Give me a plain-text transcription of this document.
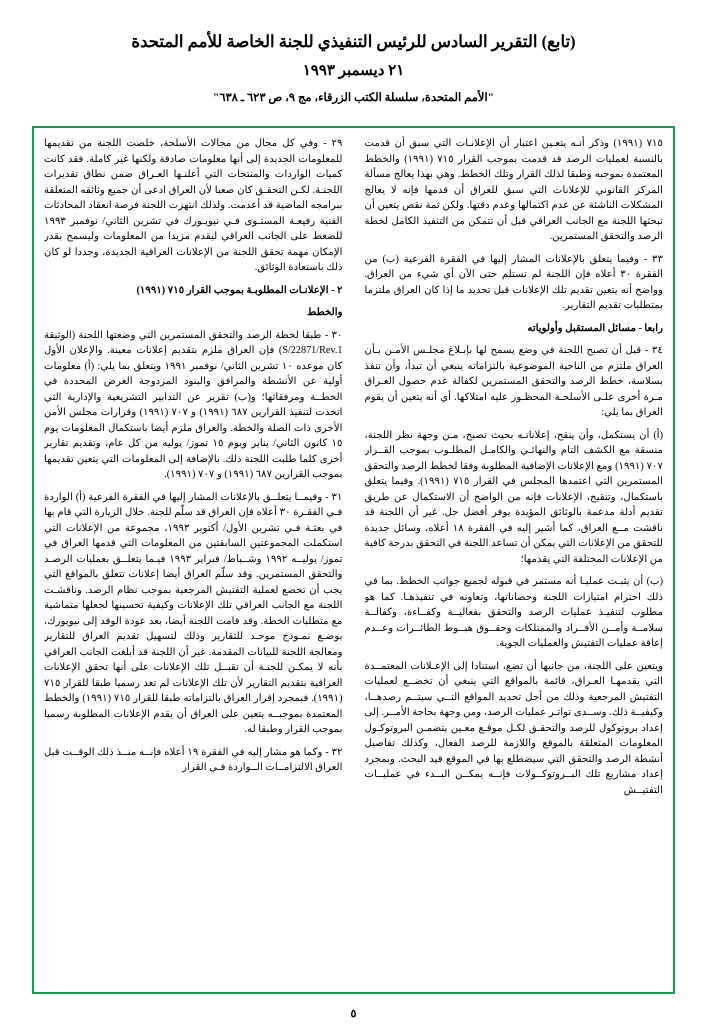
(تابع) التقرير السادس للرئيس التنفيذي للجنة الخاصة للأمم المتحدة
٢١ ديسمبر ١٩٩٣
"الأمم المتحدة، سلسلة الكتب الزرقاء، مج ٩، ص ٦٢٣ ـ ٦٣٨"

٧١٥ (١٩٩١) وذكر أنـه يتعـين اعتبار أن الإعلانـات التي سبق أن قدمت بالنسبة لعمليات الرصد قد قدمت بموجب القرار ٧١٥ (١٩٩١) والخطط المعتمدة بموجبه وطبقا لذلك القرار وتلك الخطط. وهي بهذا يعالج مسألة المركز القانوني للإعلانات التي سبق للعراق أن قدمها فإنه لا يعالج المشكلات الناشئة عن عدم اكتمالها وعدم دقتها. ولكن ثمة نقص يتعين أن تبحثها اللجنة مع الجانب العراقي قبل أن تتمكن من التنفيذ الكامل لخطة الرصد والتحقق المستمرين.

٣٣ - وفيما يتعلق بالإعلانات المشار إليها في الفقرة الفرعية (ب) من الفقرة ٣٠ أعلاه فإن اللجنة لم تستلم حتى الآن أي شيء من العراق. وواضح أنه يتعين تقديم تلك الإعلانات قبل تحديد ما إذا كان العراق ملتزما بمتطلبات تقديم التقارير.

رابعا - مسائل المستقبل وأولوياته

٣٤ - قبل أن تصبح اللجنة في وضع يسمح لها بإبـلاغ مجلـس الأمـن بـأن العراق ملتزم من الناحية الموضوعية بالتزاماته ينبغي أن تبدأ، وأن تنفذ بسلاسة، خطط الرصد والتحقق المستمرين لكفالة عدم حصول العـراق مـرة أخرى علـى الأسلحـة المحظـور عليه امتلاكها. أي أنه يتعين أن يقوم العراق بما يلي:

(أ) أن يستكمل، وأن ينقح، إعلاناتـه بحيث تصبح، مـن وجهة نظر اللجنة، منسقة مع الكشف التام والنهائـي والكامـل المطلـوب بموجب القــرار ٧٠٧ (١٩٩١) ومع الإعلانات الإضافية المطلوبة وفقا لخطط الرصد والتحقق المستمرين التي اعتمدها المجلس في القرار ٧١٥ (١٩٩١). وفيما يتعلق باستكمال، وتنقيح، الإعلانات فإنه من الواضح أن الاستكمال عن طريق تقديم أدلة مدعمة بالوثائق المؤيدة يوفر أفضل حل. غير أن اللجنة قد ناقشت مــع العراق، كما أشير إليه في الفقرة ١٨ أعلاه، وسائل جديدة للتحقق من الإعلانات التي يمكن أن تساعد اللجنة في التحقق بدرجة كافية من الإعلانات المختلفة التي يقدمها؛

(ب) أن يثبـت عمليـا أنه مستمر في قبوله لجميع جوانب الخطط. بما في ذلك احترام امتيازات اللجنة وحصاناتها، وتعاونه في تنفيذهـا. كما هو مطلوب لتنفيـذ عمليات الرصد والتحقق بفعاليــة وكفــاءة، وكفالــة سلامــة وأمــن الأفــراد والممتلكات وحقــوق هبــوط الطائــرات وعــدم إعاقة عمليات التفتيش والعمليات الجوية.

ويتعين على اللجنة، من جانبها أن تضع، استنادا إلى الإعـلانات المعتمــدة التي يقدمهـا العـراق، قائمة بالمواقع التي ينبغي أن تخضــع لعمليات التفتيش المرجعية وذلك من أجل تحديد المواقع التــي سيتــم رصدهــا، وكيفيــة ذلك. وســدى تواتـر عمليات الرصد، ومن وجهة بحاجة الأمــر. إلى إعداد بروتوكول للرصد والتحقـق لكـل موقـع معـين يتضمـن البروتوكـول المعلومات المتعلقة بالموقع واللازمة للرصد الفعال، وكذلك تفاصيل أنشطة الرصد والتحقق التي سيضطلع بها في الموقع قيد البحث. وبمجرد إعداد مشاريع تلك البــروتوكــولات فإنــه يمكــن البــدء في عمليــات التفتيــش

٢٩ - وفي كل مجال من مجالات الأسلحة، خلصت اللجنة من تقديمها للمعلومات الجديدة إلى أنها معلومات صادقة ولكنها غير كاملة. فقد كانت كميات الواردات والمنتجات التي أعلنـها العـراق ضمن نطاق تقديرات اللجنـة. لكـن التحقـق كان صعبا لأن العراق ادعى أن جميع وثائقه المتعلقة ببرامجه الماضية قد أعدمت. ولذلك انتهزت اللجنة فرصة انعقاد المحادثات الفنية رفيعـة المستـوى فـي نيويـورك في تشرين الثاني/ نوفمبر ١٩٩٣ للضغط على الجانب العراقي ليقدم مزيدا من المعلومات وليسمح بقدر الإمكان مهمة تحقق اللجنة من الإعلانات العراقية الجديدة، وجددا لو كان ذلك باستعادة الوثائق.

٢ - الإعلانـات المطلوبـة بموجب القرار ٧١٥ (١٩٩١)

والخطط

٣٠ - طبقا لخطة الرصد والتحقق المستمرين التي وضعتها اللجنة (الوثيقة S/22871/Rev.1) فإن العراق ملزم بتقديم إعلانات معينة. والإعلان الأول كان موعده ١٠ تشرين الثاني/ نوفمبر ١٩٩١ ويتعلق بما يلي: (أ) معلومات أولية عن الأنشطة والمرافق والبنود المزدوجة الغرض المحددة في الخطــة ومرفقاتها؛ و(ب) تقرير عن التدابير التشريعية والإدارية التي اتخذت لتنفيذ القرارين ٦٨٧ (١٩٩١) و ٧٠٧ (١٩٩١) وقرارات مجلس الأمن الأخرى ذات الصلة والخطة. والعراق ملزم أيضا باستكمال المعلومات يوم ١٥ كانون الثاني/ يناير ويوم ١٥ تموز/ يوليه من كل عام، وتقديم تقارير أخرى كلما طلبت اللجنة ذلك. بالإضافة إلى المعلومات التي يتعين تقديمها بموجب القرارين ٦٨٧ (١٩٩١) و ٧٠٧ (١٩٩١).

٣١ - وفيمــا يتعلــق بالإعلانات المشار إليها في الفقرة الفرعية (أ) الواردة فـي الفقـرة ٣٠ أعلاه فإن العراق قد سلّم للجنة. خلال الزيارة التي قام بها في بعثـة فـي تشرين الأول/ أكتوبر ١٩٩٣، مجموعة من الإعلانات التي استكملت المجموعتين السابقتين من المعلومات التي قدمها العراق في تموز/ يوليــه ١٩٩٢ وشــباط/ فبراير ١٩٩٣ فيـما يتعلــق بعمليات الرصـد والتحقق المستمرين. وقد سلّم العراق أيضا إعلانات تتعلق بالمواقع التي يجب أن تخضع لعملية التفتيش المرجعية بموجب نظام الرصد. وناقشـت اللجنة مع الجانب العراقي تلك الإعلانات وكيفية تحسينها لجعلها متماشية مع متطلبات الخطة. وقد قامت اللجنة أيضا، بعد عودة الوفد إلى نيويورك، بوضـع نمـوذج موحـد للتقارير وذلك لتسهيل تقديم العراق للتقارير ومعالجة اللجنة للبيانات المقدمة. غير أن اللجنة قد أبلغت الجانب العراقي بأنه لا يمكـن للجنـة أن تقبــل تلك الإعلانات على أنها تحقق الإعلانات العراقية بتقديم التقارير لأن تلك الإعلانات لم تعد رسميا طبقا للقرار ٧١٥ (١٩٩١). فبمجرد إقرار العراق بالتزاماته طبقا للقرار ٧١٥ (١٩٩١) والخطط المعتمدة بموجبــه يتعين على العراق أن يقدم الإعلانات المطلوبة رسميا بموجب القرار وطبقا له.

٣٢ - وكما هو مشار إليه في الفقرة ١٩ أعلاه فإنــه منــذ ذلك الوقــت قبل العراق الالتزامــات الــواردة فـي القرار

٥
